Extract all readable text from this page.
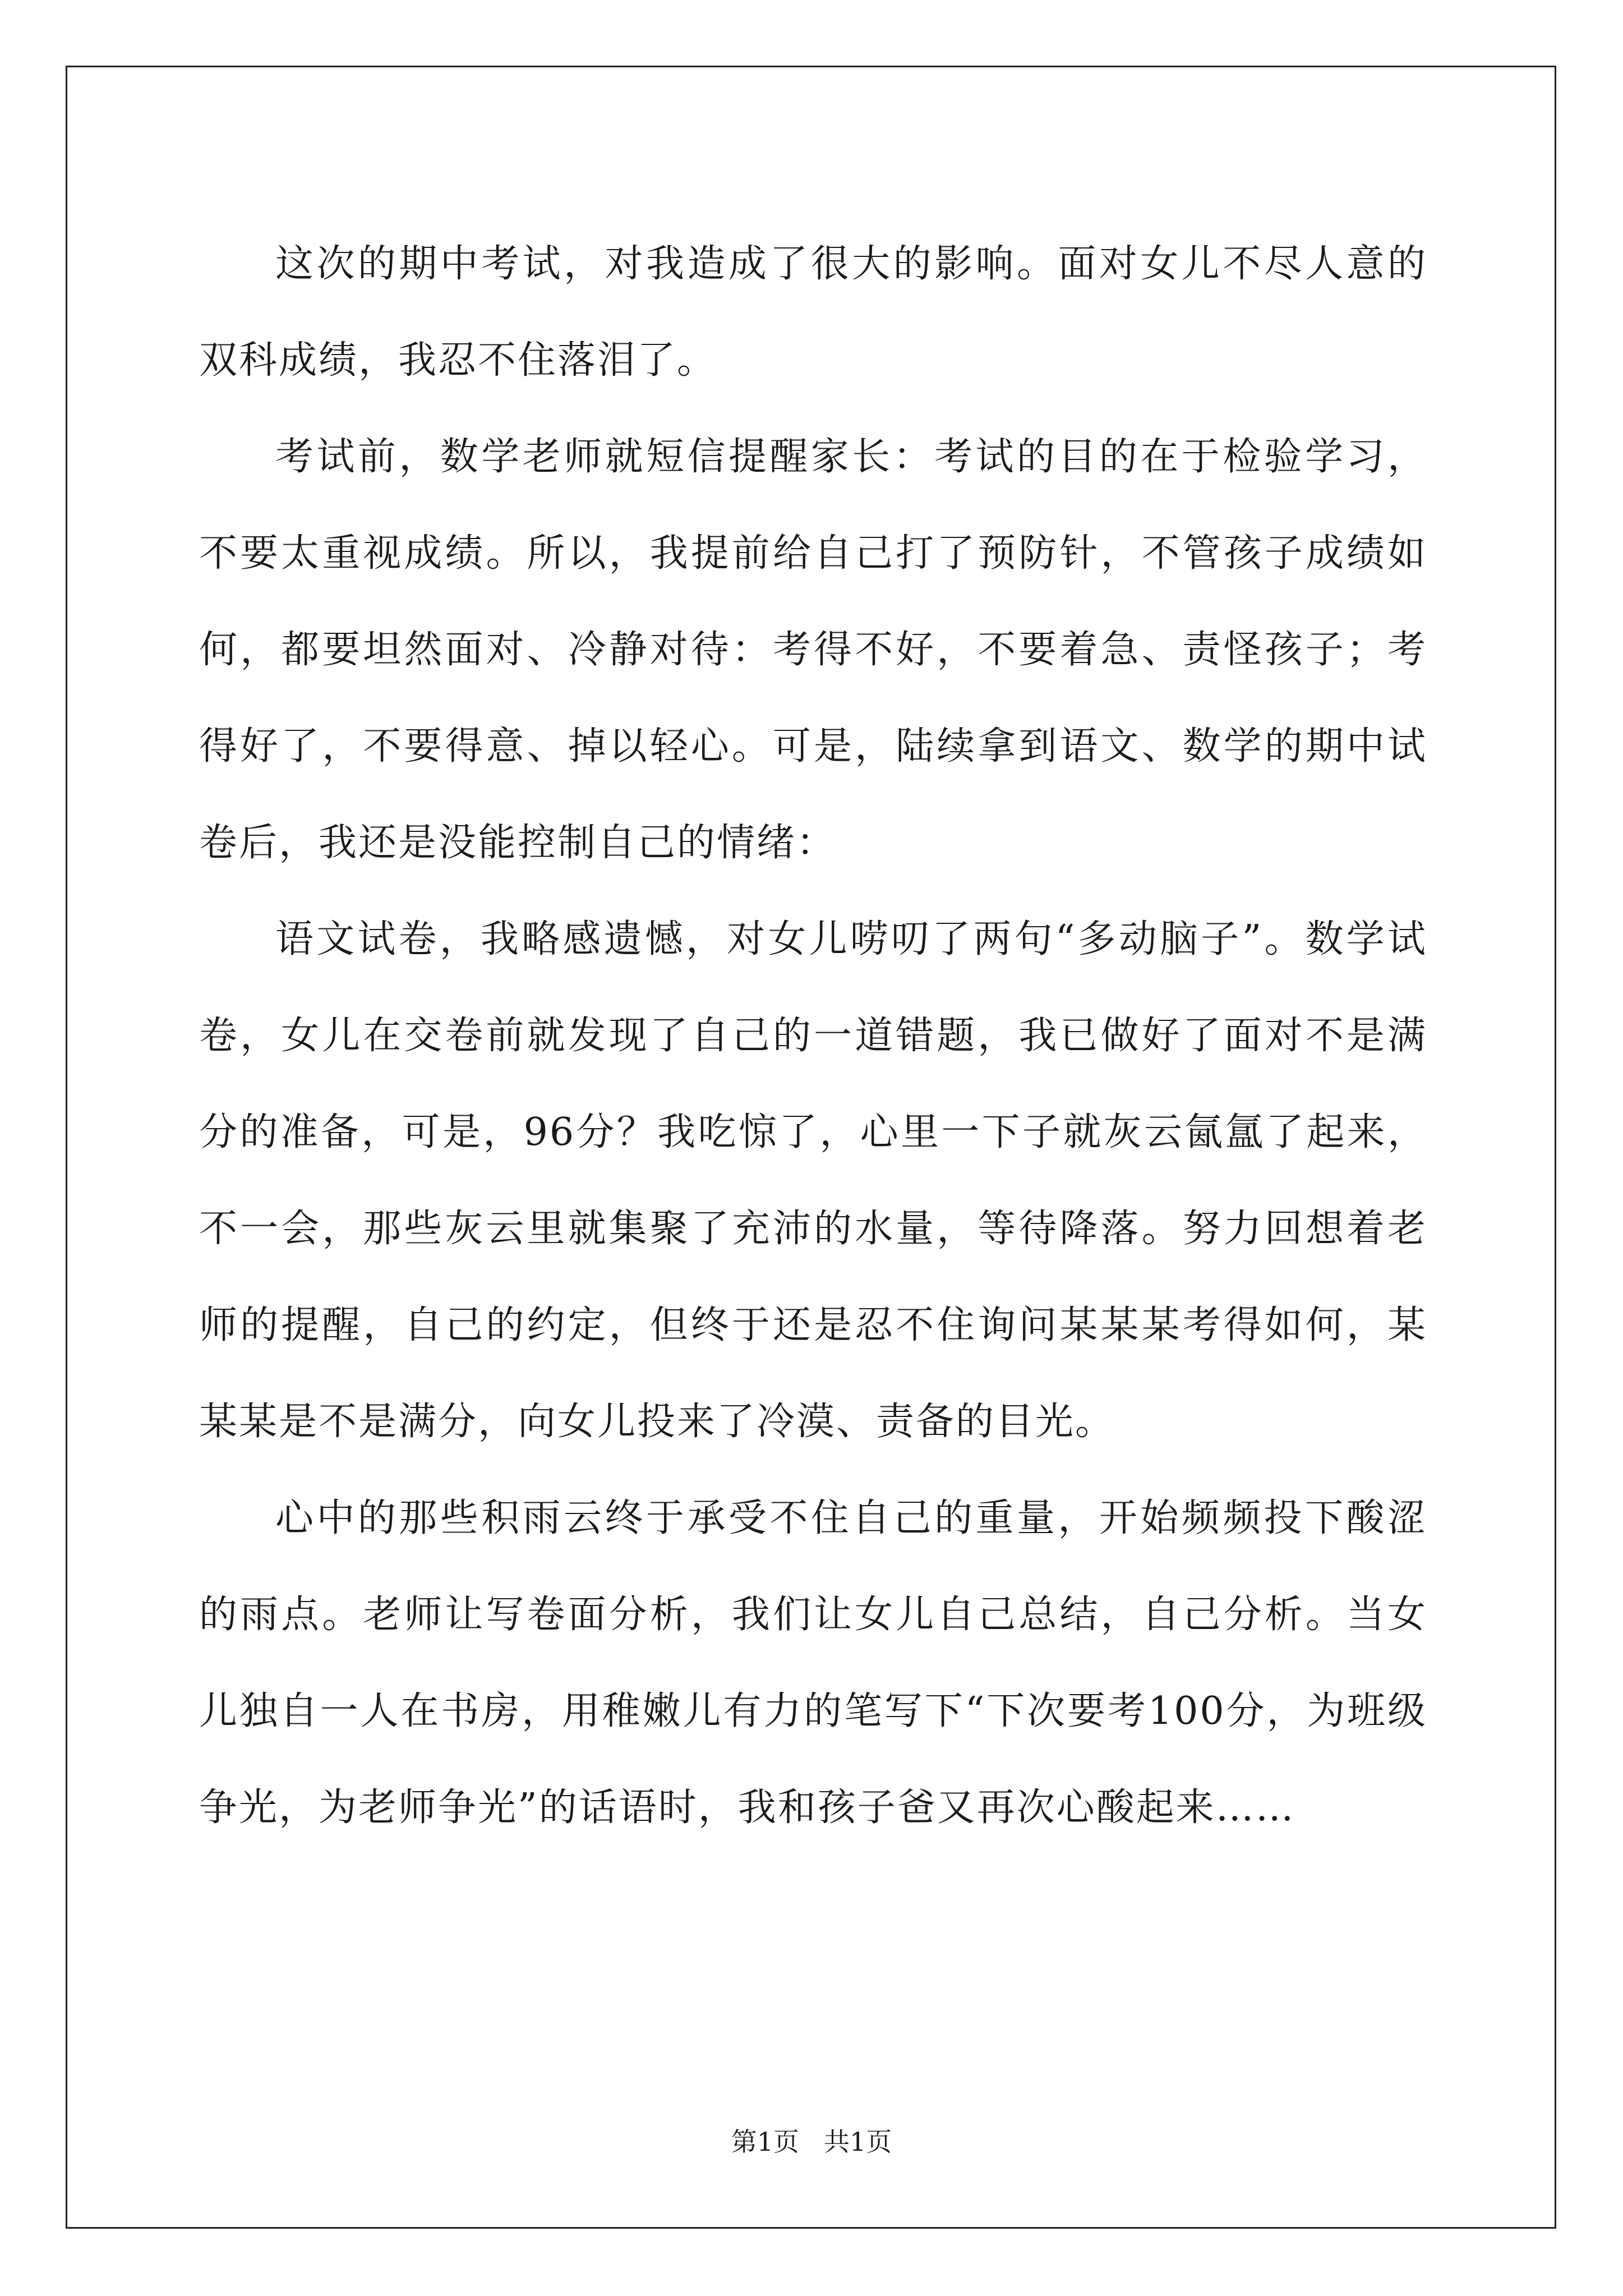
这次的期中考试，对我造成了很大的影响。面对女儿不尽人意的双科成绩，我忍不住落泪了。

考试前，数学老师就短信提醒家长：考试的目的在于检验学习，不要太重视成绩。所以，我提前给自己打了预防针，不管孩子成绩如何，都要坦然面对、冷静对待：考得不好，不要着急、责怪孩子；考得好了，不要得意、掉以轻心。可是，陆续拿到语文、数学的期中试卷后，我还是没能控制自己的情绪：

语文试卷，我略感遗憾，对女儿唠叨了两句“多动脑子”。数学试卷，女儿在交卷前就发现了自己的一道错题，我已做好了面对不是满分的准备，可是，96分？我吃惊了，心里一下子就灰云氤氲了起来，不一会，那些灰云里就集聚了充沛的水量，等待降落。努力回想着老师的提醒，自己的约定，但终于还是忍不住询问某某某考得如何，某某某是不是满分，向女儿投来了冷漠、责备的目光。

心中的那些积雨云终于承受不住自己的重量，开始频频投下酸涩的雨点。老师让写卷面分析，我们让女儿自己总结，自己分析。当女儿独自一人在书房，用稚嫩儿有力的笔写下“下次要考100分，为班级争光，为老师争光”的话语时，我和孩子爸又再次心酸起来……

第1页 共1页
